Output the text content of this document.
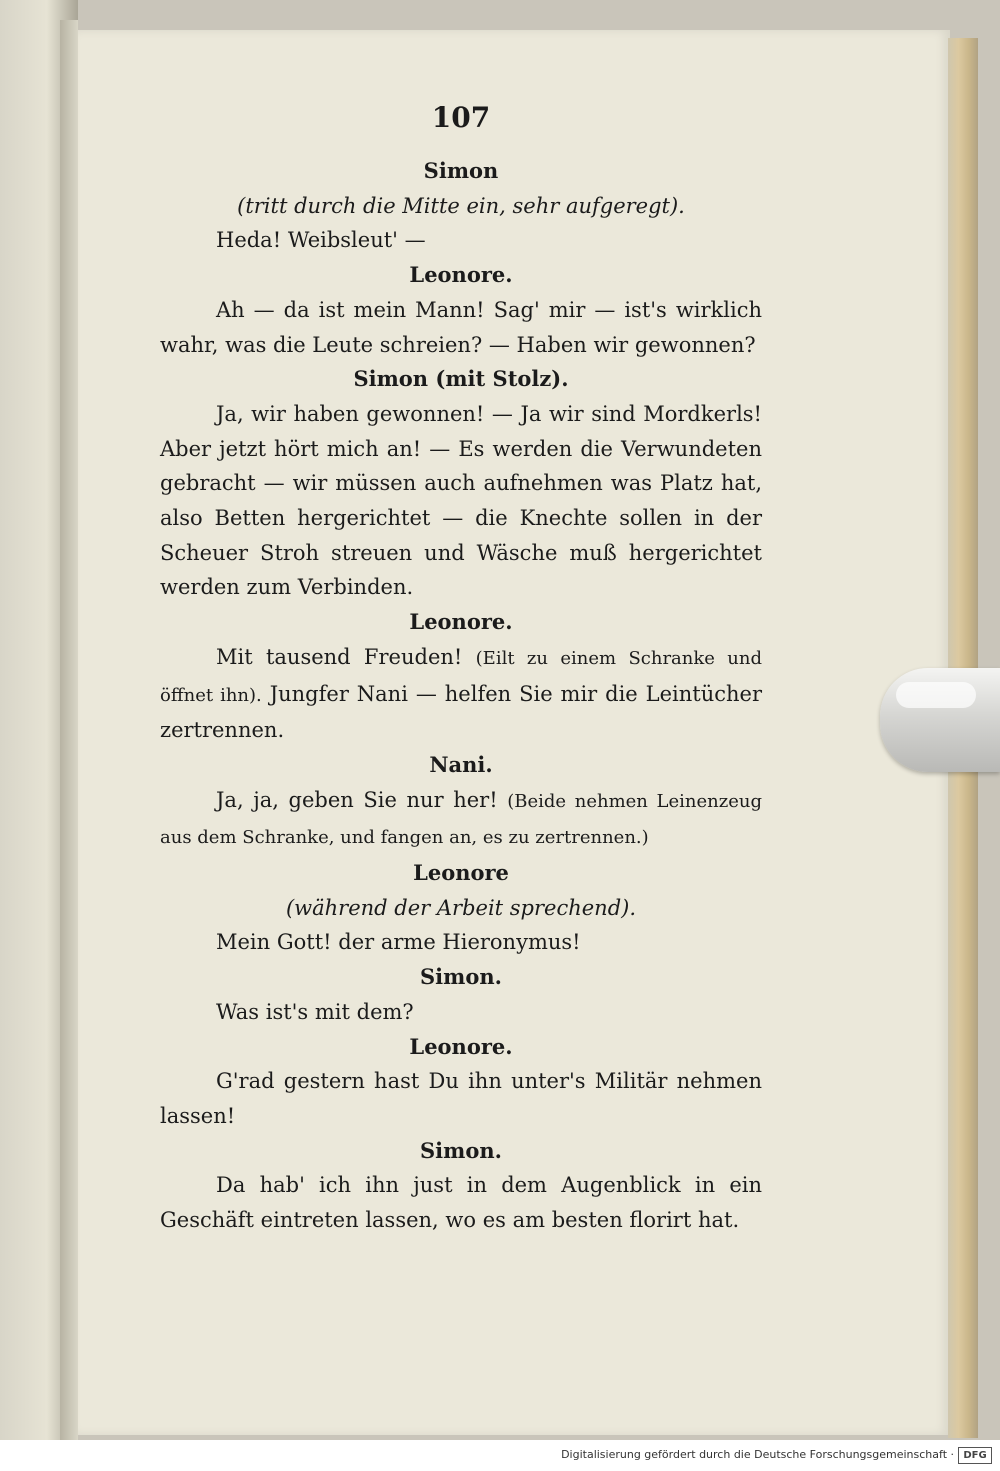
107

Simon

(tritt durch die Mitte ein, sehr aufgeregt).

Heda! Weibsleut' —

Leonore.

Ah — da ist mein Mann! Sag' mir — ist's wirklich wahr, was die Leute schreien? — Haben wir gewonnen?

Simon (mit Stolz).

Ja, wir haben gewonnen! — Ja wir sind Mordkerls! Aber jetzt hört mich an! — Es werden die Verwundeten gebracht — wir müssen auch aufnehmen was Platz hat, also Betten hergerichtet — die Knechte sollen in der Scheuer Stroh streuen und Wäsche muß hergerichtet werden zum Verbinden.

Leonore.

Mit tausend Freuden! (Eilt zu einem Schranke und öffnet ihn). Jungfer Nani — helfen Sie mir die Leintücher zertrennen.

Nani.

Ja, ja, geben Sie nur her! (Beide nehmen Leinenzeug aus dem Schranke, und fangen an, es zu zertrennen.)

Leonore

(während der Arbeit sprechend).

Mein Gott! der arme Hieronymus!

Simon.

Was ist's mit dem?

Leonore.

G'rad gestern hast Du ihn unter's Militär nehmen lassen!

Simon.

Da hab' ich ihn just in dem Augenblick in ein Geschäft eintreten lassen, wo es am besten florirt hat.

Digitalisierung gefördert durch die Deutsche Forschungsgemeinschaft · DFG
